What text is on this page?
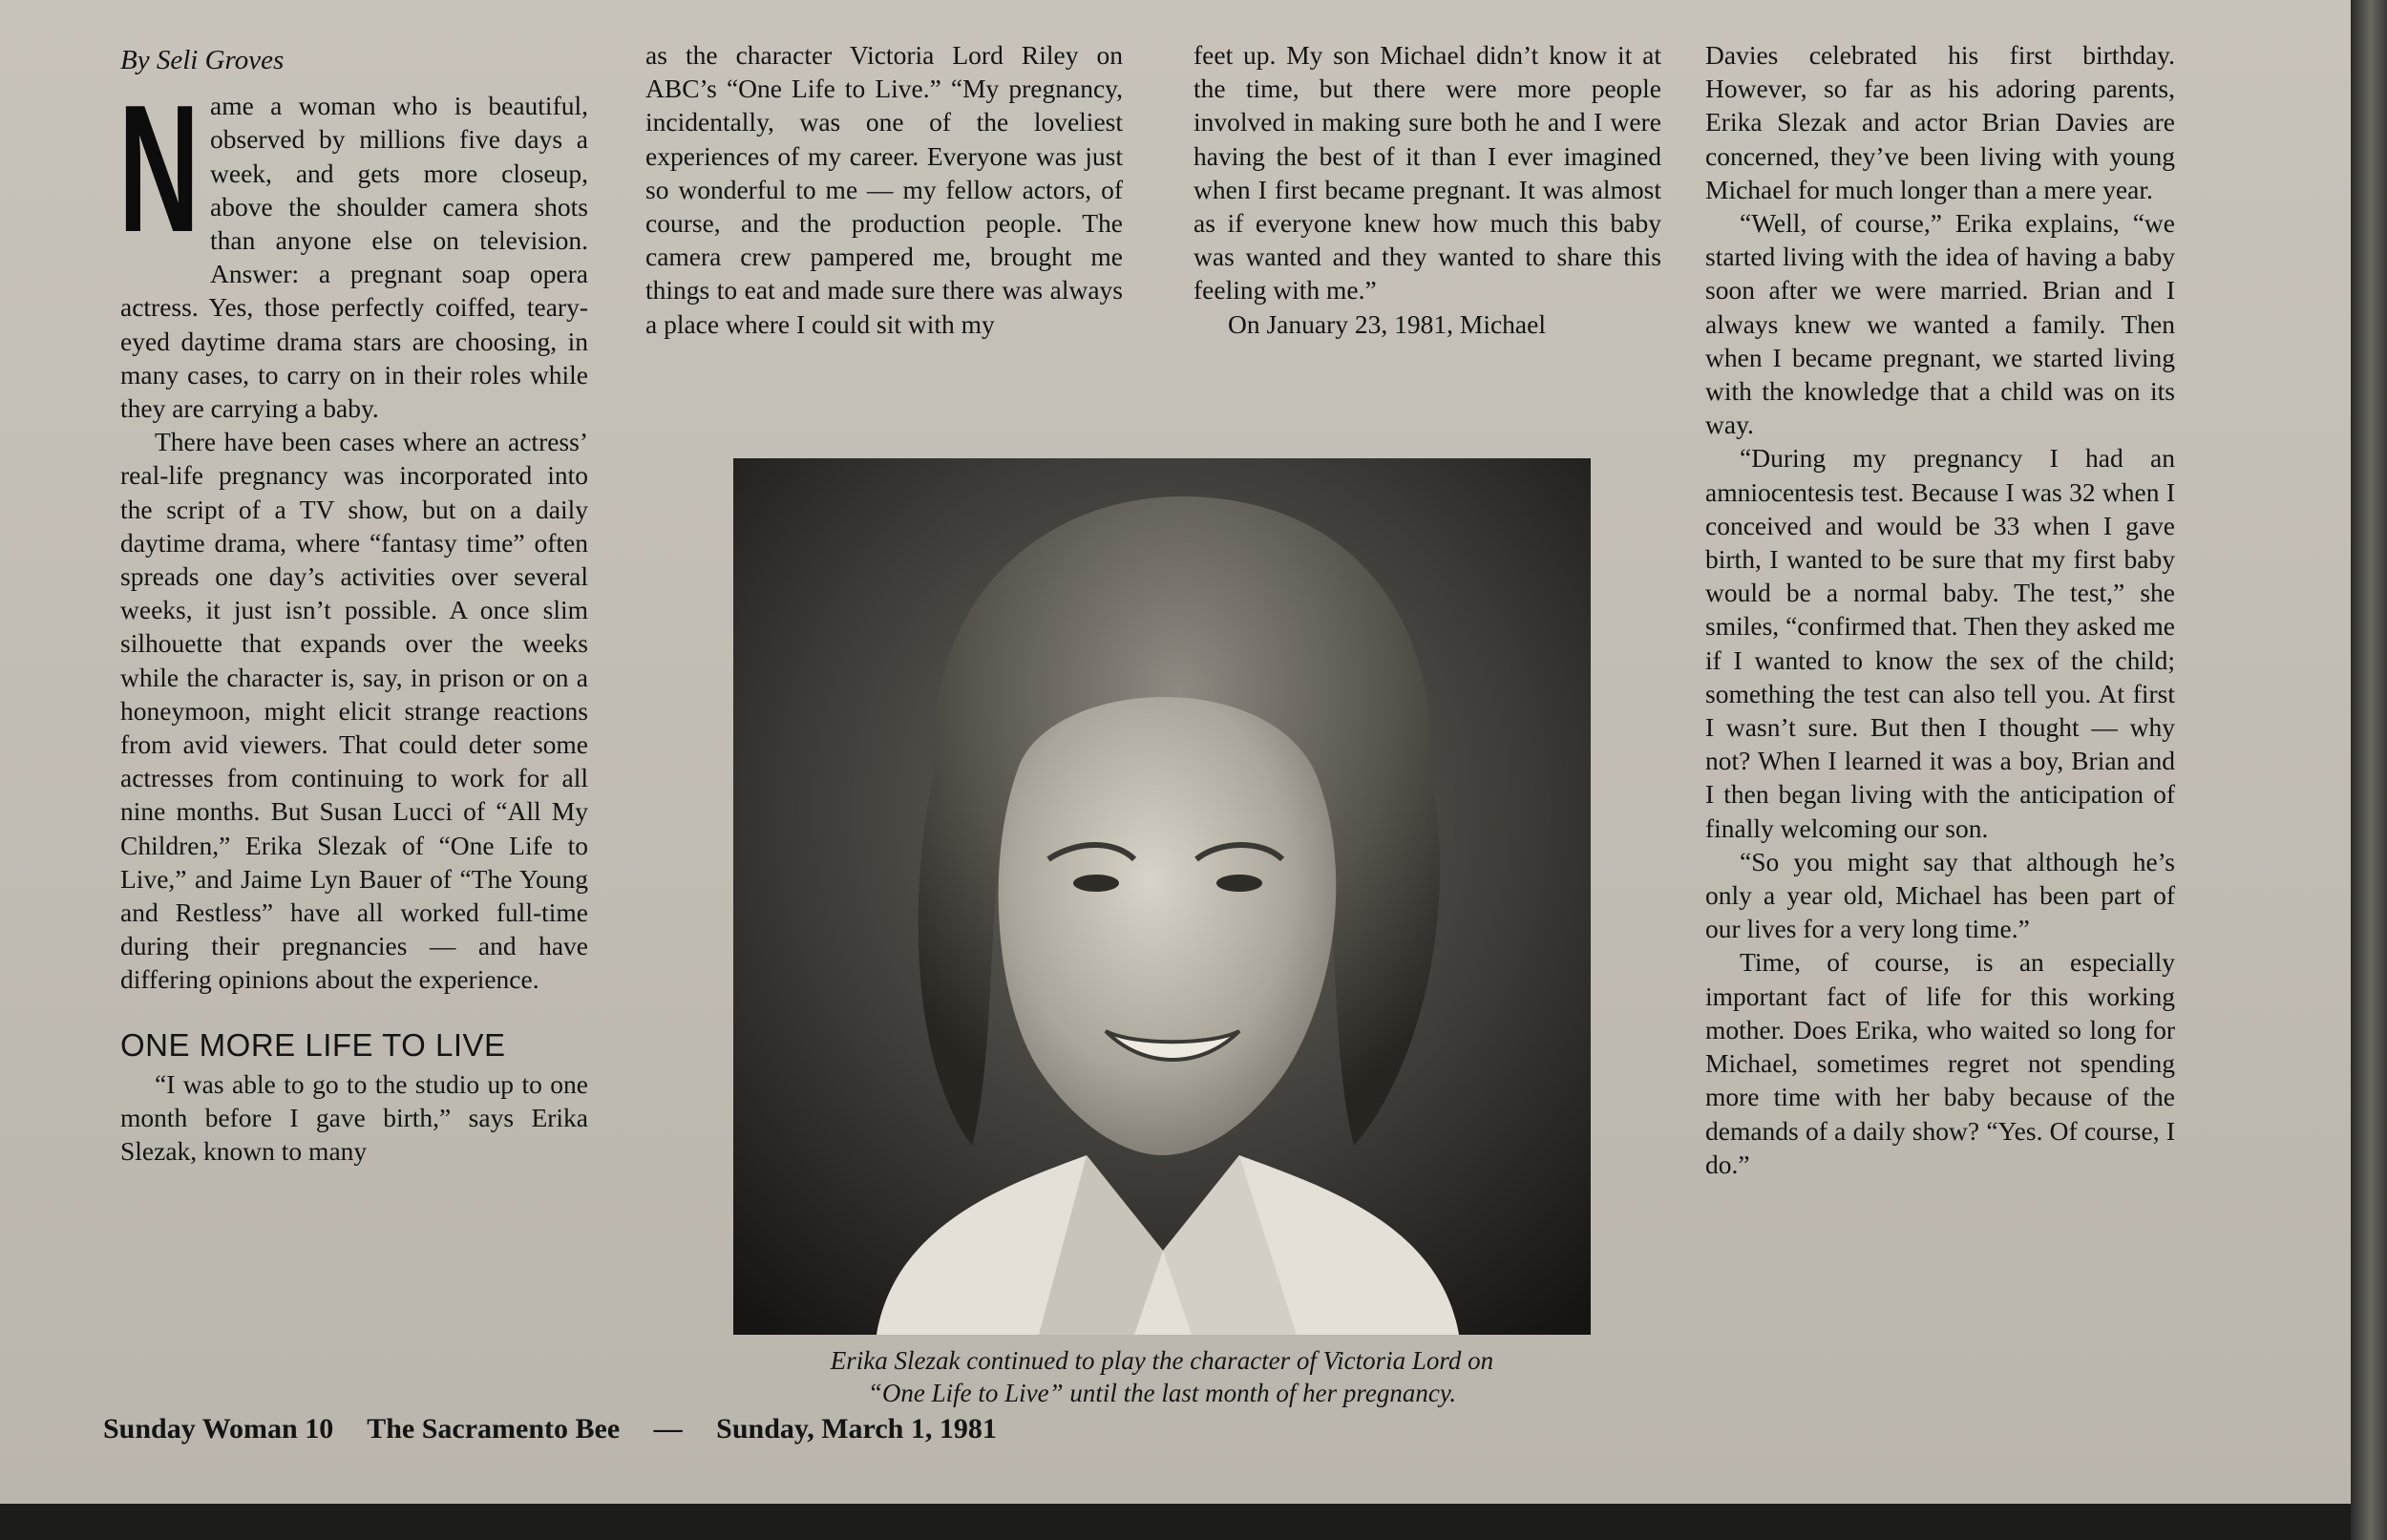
By Seli Groves

Name a woman who is beautiful, observed by millions five days a week, and gets more closeup, above the shoulder camera shots than anyone else on television. Answer: a pregnant soap opera actress. Yes, those perfectly coiffed, teary-eyed daytime drama stars are choosing, in many cases, to carry on in their roles while they are carrying a baby.

There have been cases where an actress’ real-life pregnancy was incorporated into the script of a TV show, but on a daily daytime drama, where “fantasy time” often spreads one day’s activities over several weeks, it just isn’t possible. A once slim silhouette that expands over the weeks while the character is, say, in prison or on a honeymoon, might elicit strange reactions from avid viewers. That could deter some actresses from continuing to work for all nine months. But Susan Lucci of “All My Children,” Erika Slezak of “One Life to Live,” and Jaime Lyn Bauer of “The Young and Restless” have all worked full-time during their pregnancies — and have differing opinions about the experience.

ONE MORE LIFE TO LIVE

“I was able to go to the studio up to one month before I gave birth,” says Erika Slezak, known to many

as the character Victoria Lord Riley on ABC’s “One Life to Live.” “My pregnancy, incidentally, was one of the loveliest experiences of my career. Everyone was just so wonderful to me — my fellow actors, of course, and the production people. The camera crew pampered me, brought me things to eat and made sure there was always a place where I could sit with my

feet up. My son Michael didn’t know it at the time, but there were more people involved in making sure both he and I were having the best of it than I ever imagined when I first became pregnant. It was almost as if everyone knew how much this baby was wanted and they wanted to share this feeling with me.”

On January 23, 1981, Michael

Davies celebrated his first birthday. However, so far as his adoring parents, Erika Slezak and actor Brian Davies are concerned, they’ve been living with young Michael for much longer than a mere year.

“Well, of course,” Erika explains, “we started living with the idea of having a baby soon after we were married. Brian and I always knew we wanted a family. Then when I became pregnant, we started living with the knowledge that a child was on its way.

“During my pregnancy I had an amniocentesis test. Because I was 32 when I conceived and would be 33 when I gave birth, I wanted to be sure that my first baby would be a normal baby. The test,” she smiles, “confirmed that. Then they asked me if I wanted to know the sex of the child; something the test can also tell you. At first I wasn’t sure. But then I thought — why not? When I learned it was a boy, Brian and I then began living with the anticipation of finally welcoming our son.

“So you might say that although he’s only a year old, Michael has been part of our lives for a very long time.”

Time, of course, is an especially important fact of life for this working mother. Does Erika, who waited so long for Michael, sometimes regret not spending more time with her baby because of the demands of a daily show? “Yes. Of course, I do.”

Erika Slezak continued to play the character of Victoria Lord on
“One Life to Live” until the last month of her pregnancy.
Sunday Woman 10 The Sacramento Bee — Sunday, March 1, 1981
